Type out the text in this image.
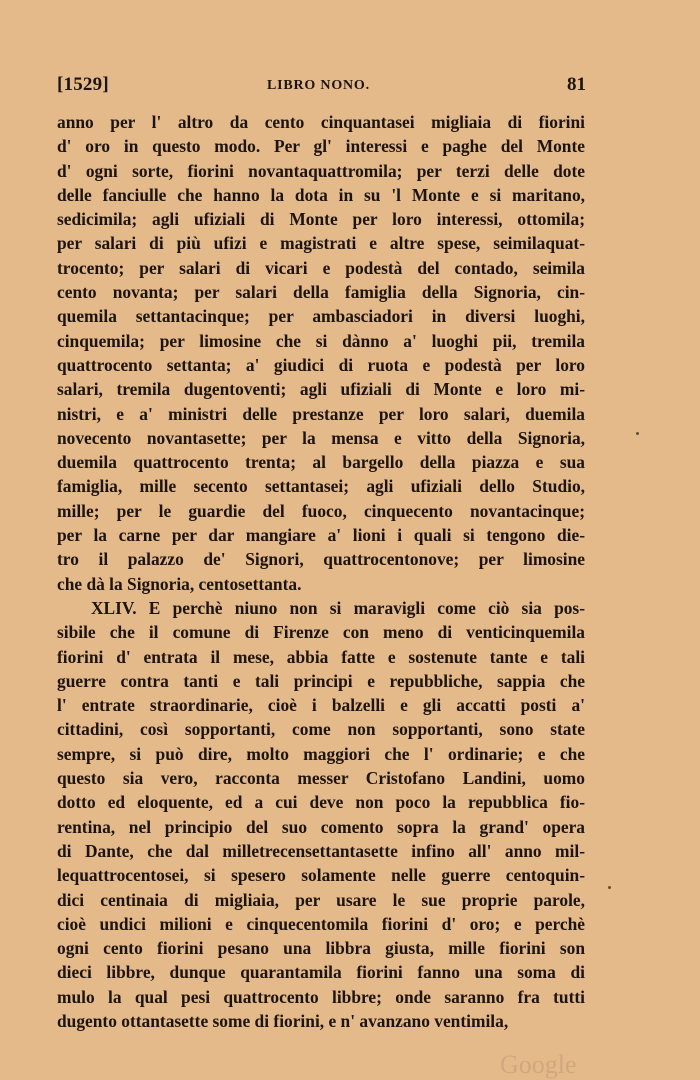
[1529]	LIBRO NONO.	81
anno per l' altro da cento cinquantasei migliaia di fiorini
d' oro in questo modo. Per gl' interessi e paghe del Monte
d' ogni sorte, fiorini novantaquattromila; per terzi delle dote
delle fanciulle che hanno la dota in su 'l Monte e si maritano,
sedicimila; agli ufiziali di Monte per loro interessi, ottomila;
per salari di più ufizi e magistrati e altre spese, seimilaquat-
trocento; per salari di vicari e podestà del contado, seimila
cento novanta; per salari della famiglia della Signoria, cin-
quemila settantacinque; per ambasciadori in diversi luoghi,
cinquemila; per limosine che si dànno a' luoghi pii, tremila
quattrocento settanta; a' giudici di ruota e podestà per loro
salari, tremila dugentoventi; agli ufiziali di Monte e loro mi-
nistri, e a' ministri delle prestanze per loro salari, duemila
novecento novantasette; per la mensa e vitto della Signoria,
duemila quattrocento trenta; al bargello della piazza e sua
famiglia, mille secento settantasei; agli ufiziali dello Studio,
mille; per le guardie del fuoco, cinquecento novantacinque;
per la carne per dar mangiare a' lioni i quali si tengono die-
tro il palazzo de' Signori, quattrocentonove; per limosine
che dà la Signoria, centosettanta.
XLIV. E perchè niuno non si maravigli come ciò sia pos-
sibile che il comune di Firenze con meno di venticinquemila
fiorini d' entrata il mese, abbia fatte e sostenute tante e tali
guerre contra tanti e tali principi e repubbliche, sappia che
l' entrate straordinarie, cioè i balzelli e gli accatti posti a'
cittadini, così sopportanti, come non sopportanti, sono state
sempre, si può dire, molto maggiori che l' ordinarie; e che
questo sia vero, racconta messer Cristofano Landini, uomo
dotto ed eloquente, ed a cui deve non poco la repubblica fio-
rentina, nel principio del suo comento sopra la grand' opera
di Dante, che dal milletrecensettantasette infino all' anno mil-
lequattrocentosei, si spesero solamente nelle guerre centoquin-
dici centinaia di migliaia, per usare le sue proprie parole,
cioè undici milioni e cinquecentomila fiorini d' oro; e perchè
ogni cento fiorini pesano una libbra giusta, mille fiorini son
dieci libbre, dunque quarantamila fiorini fanno una soma di
mulo la qual pesi quattrocento libbre; onde saranno fra tutti
dugento ottantasette some di fiorini, e n' avanzano ventimila,
Google
